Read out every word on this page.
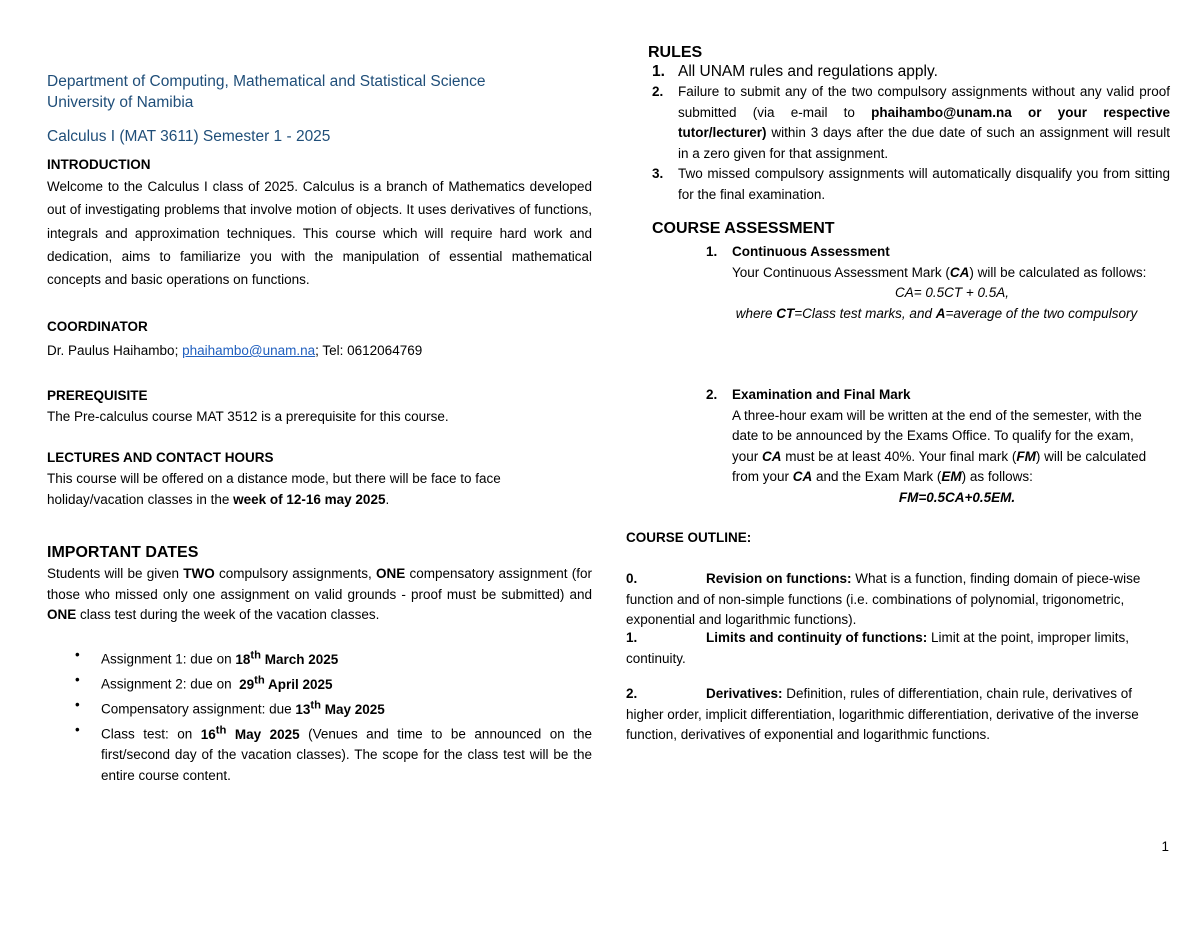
Department of Computing, Mathematical and Statistical Science
University of Namibia
Calculus I (MAT 3611) Semester 1 - 2025
INTRODUCTION
Welcome to the Calculus I class of 2025. Calculus is a branch of Mathematics developed out of investigating problems that involve motion of objects. It uses derivatives of functions, integrals and approximation techniques. This course which will require hard work and dedication, aims to familiarize you with the manipulation of essential mathematical concepts and basic operations on functions.
COORDINATOR
Dr. Paulus Haihambo; phaihambo@unam.na; Tel: 0612064769
PREREQUISITE
The Pre-calculus course MAT 3512 is a prerequisite for this course.
LECTURES AND CONTACT HOURS
This course will be offered on a distance mode, but there will be face to face holiday/vacation classes in the week of 12-16 may 2025.
IMPORTANT DATES
Students will be given TWO compulsory assignments, ONE compensatory assignment (for those who missed only one assignment on valid grounds - proof must be submitted) and ONE class test during the week of the vacation classes.
• Assignment 1: due on 18th March 2025
• Assignment 2: due on  29th April 2025
• Compensatory assignment: due 13th May 2025
• Class test: on 16th May 2025 (Venues and time to be announced on the first/second day of the vacation classes). The scope for the class test will be the entire course content.
RULES
1. All UNAM rules and regulations apply.
2. Failure to submit any of the two compulsory assignments without any valid proof submitted (via e-mail to phaihambo@unam.na or your respective tutor/lecturer) within 3 days after the due date of such an assignment will result in a zero given for that assignment.
3. Two missed compulsory assignments will automatically disqualify you from sitting for the final examination.
COURSE ASSESSMENT
1. Continuous Assessment

Your Continuous Assessment Mark (CA) will be calculated as follows:
CA= 0.5CT + 0.5A,
where CT=Class test marks, and A=average of the two compulsory
2. Examination and Final Mark

A three-hour exam will be written at the end of the semester, with the date to be announced by the Exams Office. To qualify for the exam, your CA must be at least 40%. Your final mark (FM) will be calculated from your CA and the Exam Mark (EM) as follows:
FM=0.5CA+0.5EM.
COURSE OUTLINE:
0.	Revision on functions: What is a function, finding domain of piece-wise function and of non-simple functions (i.e. combinations of polynomial, trigonometric, exponential and logarithmic functions).
1.	Limits and continuity of functions: Limit at the point, improper limits, continuity.
2.	Derivatives: Definition, rules of differentiation, chain rule, derivatives of higher order, implicit differentiation, logarithmic differentiation, derivative of the inverse function, derivatives of exponential and logarithmic functions.
1
